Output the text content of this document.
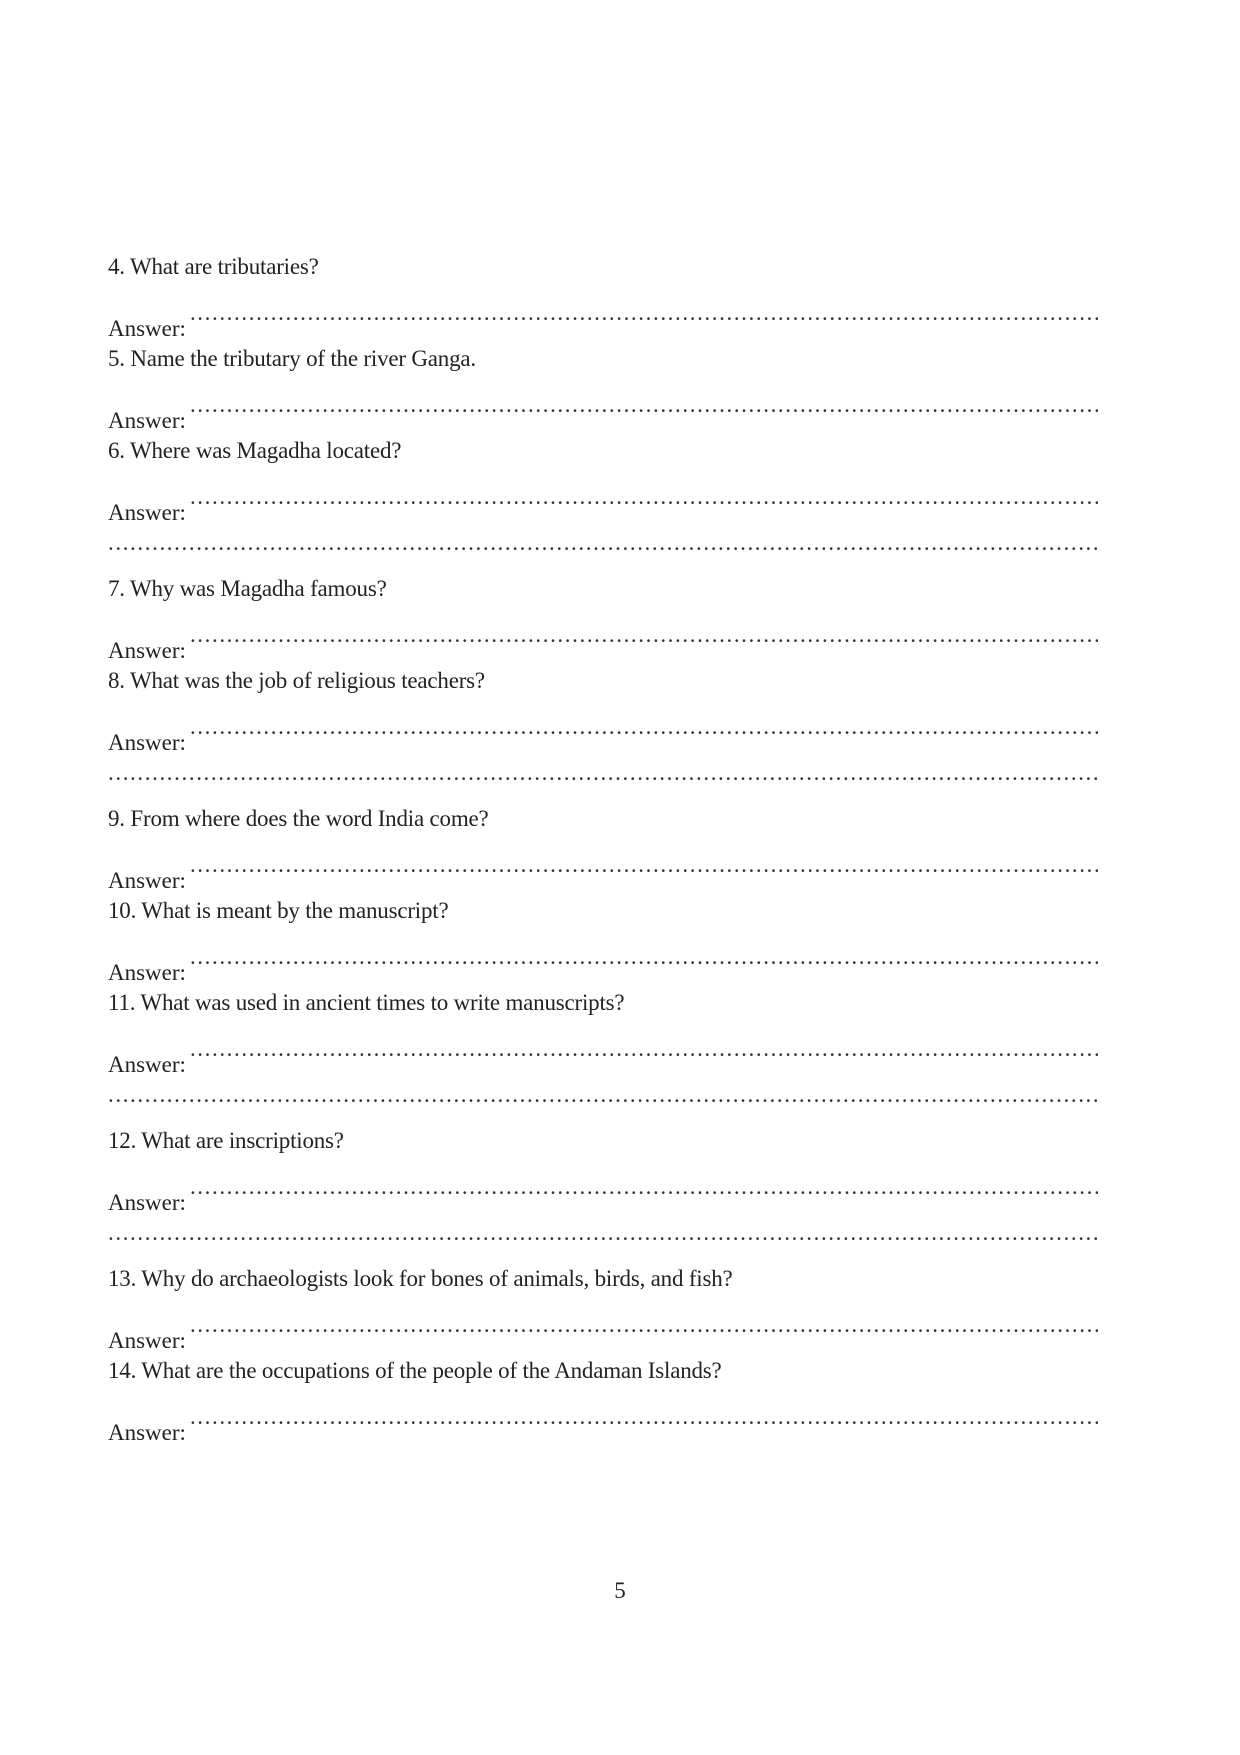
4. What are tributaries?
Answer:
.....
5. Name the tributary of the river Ganga.
Answer:
.....
6. Where was Magadha located?
Answer:
.....
.....
7. Why was Magadha famous?
Answer:
.....
8. What was the job of religious teachers?
Answer:
.....
.....
9. From where does the word India come?
Answer:
.....
10. What is meant by the manuscript?
Answer:
.....
11. What was used in ancient times to write manuscripts?
Answer:
.....
.....
12. What are inscriptions?
Answer:
.....
.....
13. Why do archaeologists look for bones of animals, birds, and fish?
Answer:
.....
14. What are the occupations of the people of the Andaman Islands?
Answer:
.....
5
